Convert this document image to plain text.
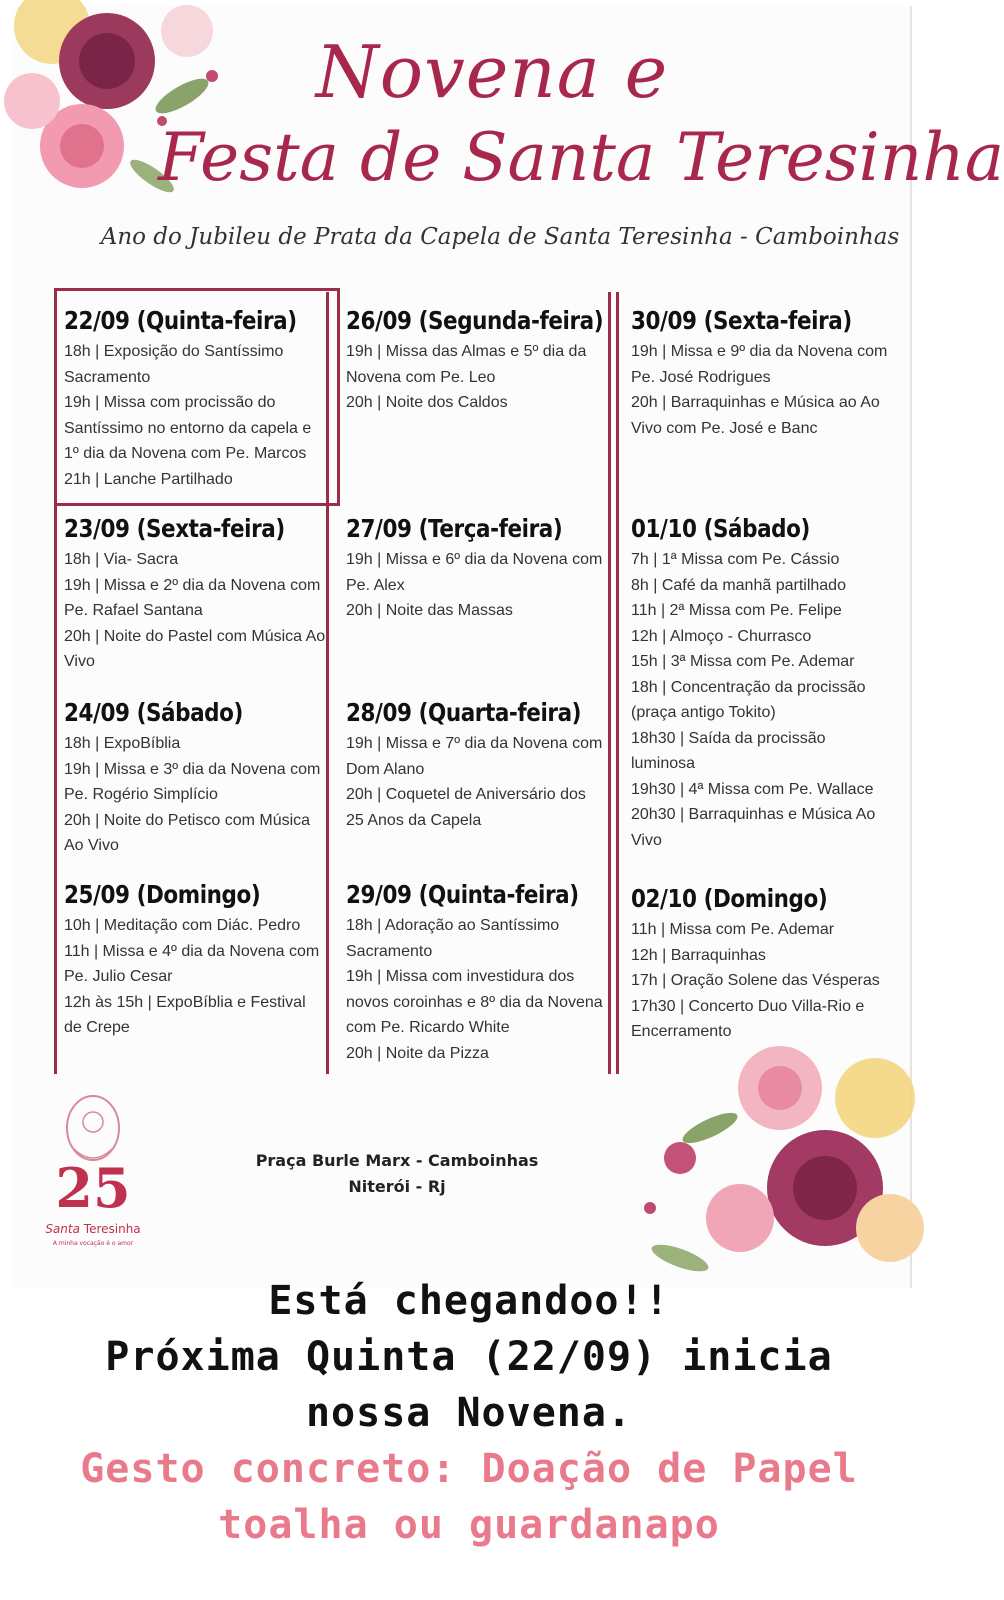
Novena e
Festa de Santa Teresinha
Ano do Jubileu de Prata da Capela de Santa Teresinha - Camboinhas
22/09 (Quinta-feira)
18h | Exposição do Santíssimo Sacramento
19h | Missa com procissão do Santíssimo no entorno da capela e 1º dia da Novena com Pe. Marcos
21h | Lanche Partilhado
23/09 (Sexta-feira)
18h | Via- Sacra
19h | Missa e 2º dia da Novena com Pe. Rafael Santana
20h | Noite do Pastel com Música Ao Vivo
24/09 (Sábado)
18h | ExpoBíblia
19h | Missa e 3º dia da Novena com Pe. Rogério Simplício
20h | Noite do Petisco com Música Ao Vivo
25/09 (Domingo)
10h | Meditação com Diác. Pedro
11h | Missa e 4º dia da Novena com Pe. Julio Cesar
12h às 15h | ExpoBíblia e Festival de Crepe
26/09 (Segunda-feira)
19h | Missa das Almas e 5º dia da Novena com Pe. Leo
20h | Noite dos Caldos
27/09 (Terça-feira)
19h | Missa e 6º dia da Novena com Pe. Alex
20h | Noite das Massas
28/09 (Quarta-feira)
19h | Missa e 7º dia da Novena com Dom Alano
20h | Coquetel de Aniversário dos 25 Anos da Capela
29/09 (Quinta-feira)
18h | Adoração ao Santíssimo Sacramento
19h | Missa com investidura dos novos coroinhas e 8º dia da Novena com Pe. Ricardo White
20h | Noite da Pizza
30/09 (Sexta-feira)
19h | Missa e 9º dia da Novena com Pe. José Rodrigues
20h | Barraquinhas e Música ao Ao Vivo com Pe. José e Banc
01/10 (Sábado)
7h | 1ª Missa com Pe. Cássio
8h | Café da manhã partilhado
11h | 2ª Missa com Pe. Felipe
12h | Almoço - Churrasco
15h | 3ª Missa com Pe. Ademar
18h | Concentração da procissão (praça antigo Tokito)
18h30 | Saída da procissão luminosa
19h30 | 4ª Missa com Pe. Wallace
20h30 | Barraquinhas e Música Ao Vivo
02/10 (Domingo)
11h | Missa com Pe. Ademar
12h | Barraquinhas
17h | Oração Solene das Vésperas
17h30 | Concerto Duo Villa-Rio e Encerramento
25
Santa Teresinha
A minha vocação é o amor
Praça Burle Marx - Camboinhas
Niterói - Rj
Está chegandoo!!
Próxima Quinta (22/09) inicia
nossa Novena.
Gesto concreto: Doação de Papel
toalha ou guardanapo
